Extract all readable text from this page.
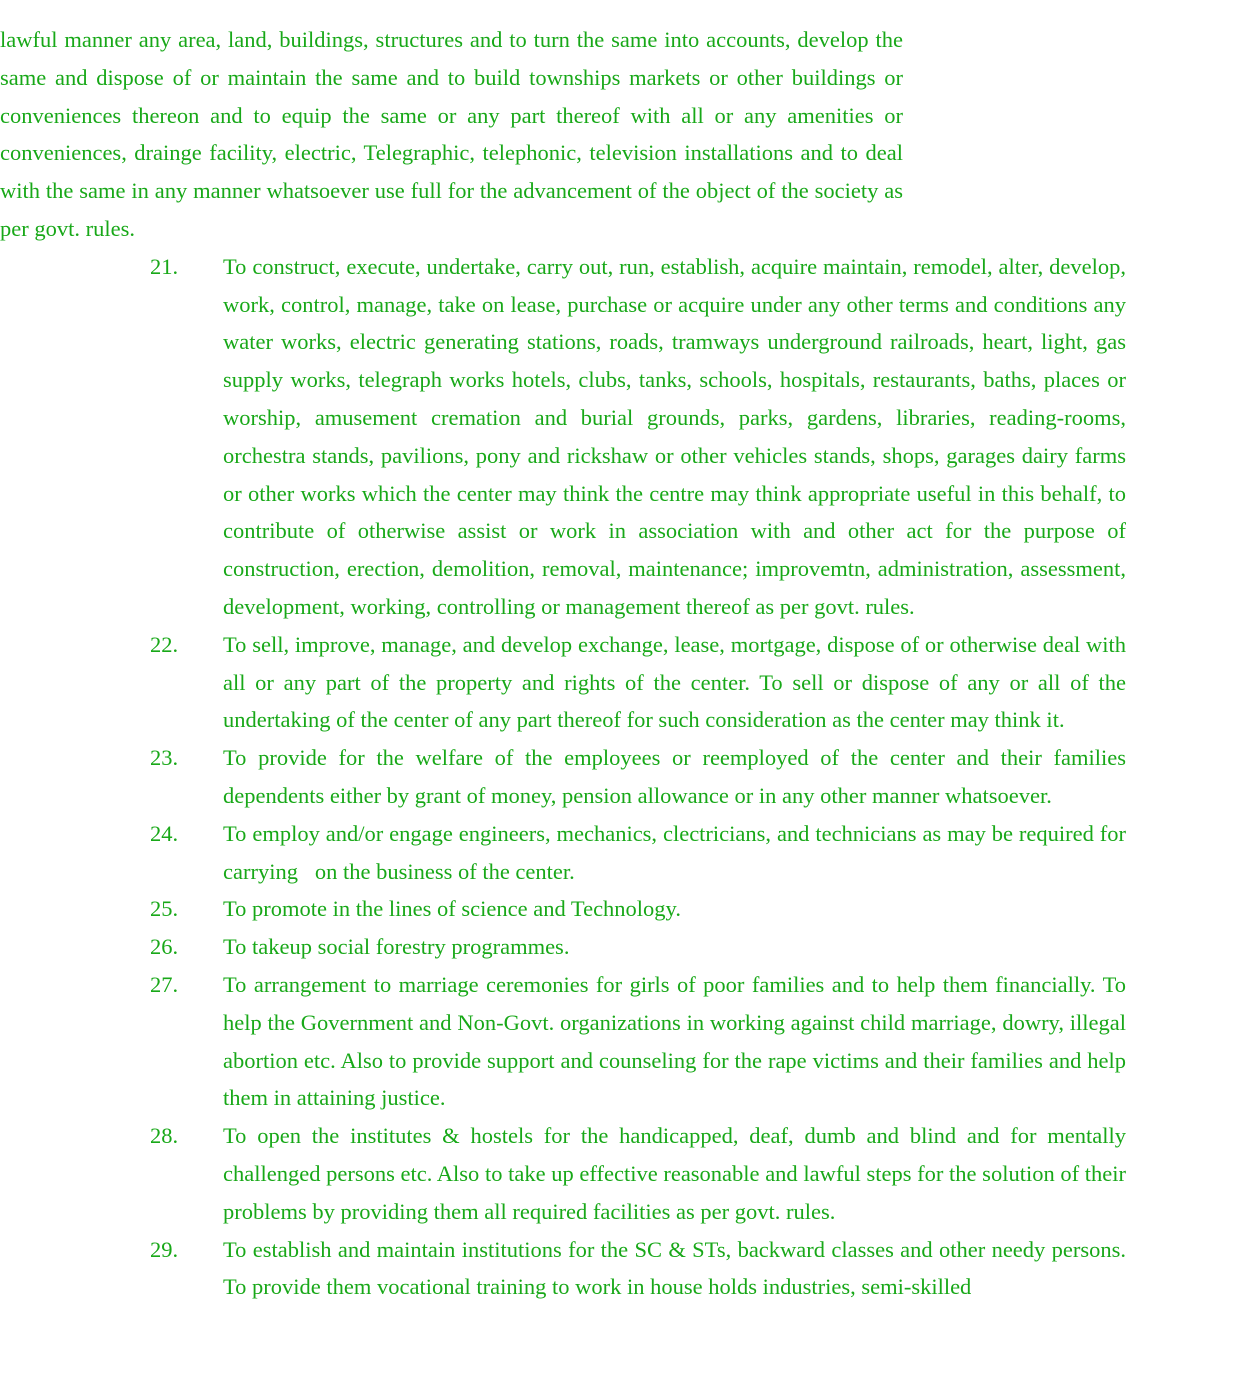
lawful manner any area, land, buildings, structures and to turn the same into accounts, develop the same and dispose of or maintain the same and to build townships markets or other buildings or conveniences thereon and to equip the same or any part thereof with all or any amenities or conveniences, drainge facility, electric, Telegraphic, telephonic, television installations and to deal with the same in any manner whatsoever use full for the advancement of the object of the society as per govt. rules.

21.	To construct, execute, undertake, carry out, run, establish, acquire maintain, remodel, alter, develop, work, control, manage, take on lease, purchase or acquire under any other terms and conditions any water works, electric generating stations, roads, tramways underground railroads, heart, light, gas supply works, telegraph works hotels, clubs, tanks, schools, hospitals, restaurants, baths, places or worship, amusement cremation and burial grounds, parks, gardens, libraries, reading-rooms, orchestra stands, pavilions, pony and rickshaw or other vehicles stands, shops, garages dairy farms or other works which the center may think the centre may think appropriate useful in this behalf, to contribute of otherwise assist or work in association with and other act for the purpose of construction, erection, demolition, removal, maintenance; improvemtn, administration, assessment, development, working, controlling or management thereof as per govt. rules.
22.	To sell, improve, manage, and develop exchange, lease, mortgage, dispose of or otherwise deal with all or any part of the property and rights of the center. To sell or dispose of any or all of the undertaking of the center of any part thereof for such consideration as the center may think it.
23.	To provide for the welfare of the employees or reemployed of the center and their families dependents either by grant of money, pension allowance or in any other manner whatsoever.
24.	To employ and/or engage engineers, mechanics, clectricians, and technicians as may be required for carrying   on the business of the center.
25.	To promote in the lines of science and Technology.
26.	To takeup social forestry programmes.
27.	To arrangement to marriage ceremonies for girls of poor families and to help them financially. To help the Government and Non-Govt. organizations in working against child marriage, dowry, illegal abortion etc. Also to provide support and counseling for the rape victims and their families and help them in attaining justice.
28.	To open the institutes & hostels for the handicapped, deaf, dumb and blind and for mentally challenged persons etc. Also to take up effective reasonable and lawful steps for the solution of their problems by providing them all required facilities as per govt. rules.
29.	To establish and maintain institutions for the SC & STs, backward classes and other needy persons. To provide them vocational training to work in house holds industries, semi-skilled
